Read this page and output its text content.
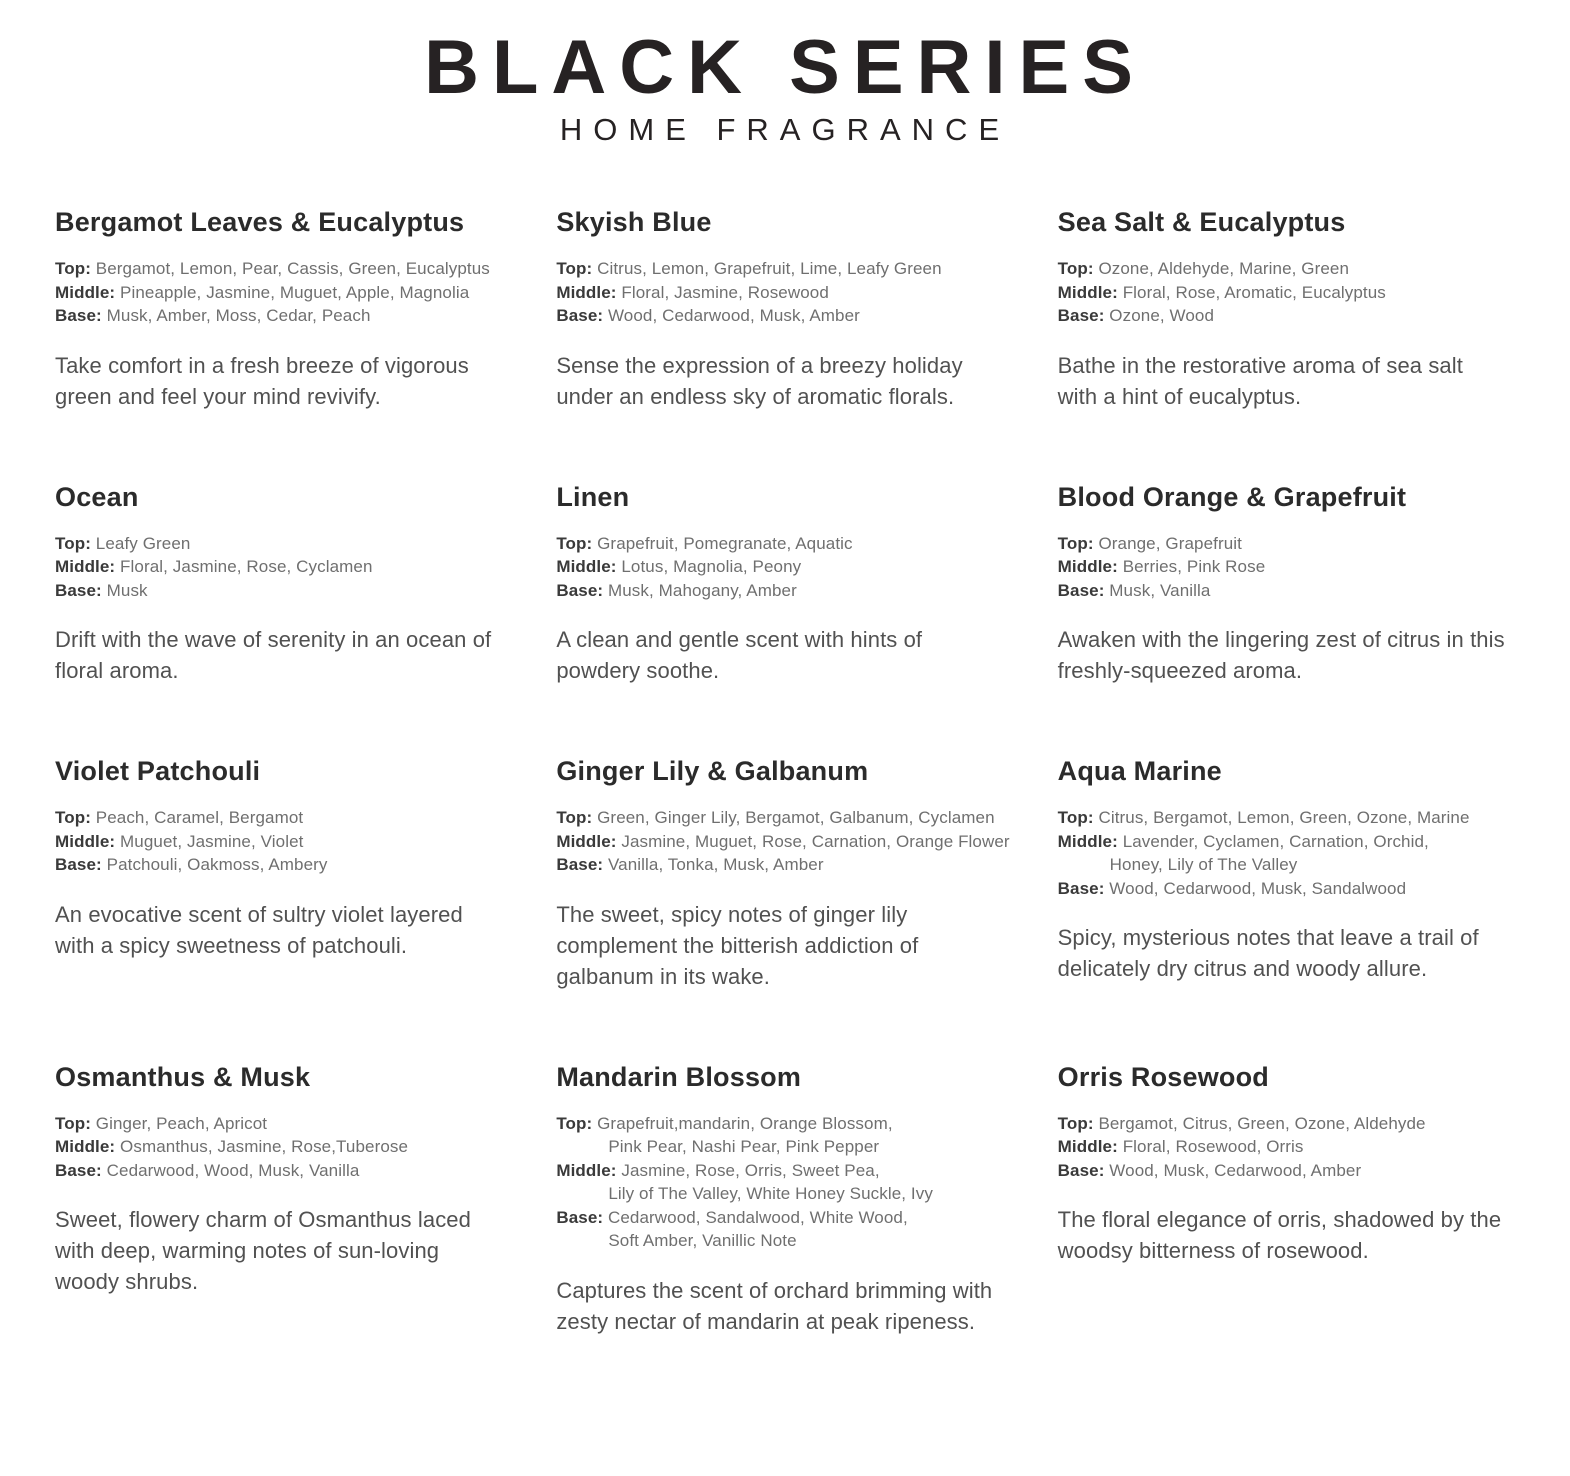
BLACK SERIES
HOME FRAGRANCE
Bergamot Leaves & Eucalyptus
Top: Bergamot, Lemon, Pear, Cassis, Green, Eucalyptus
Middle: Pineapple, Jasmine, Muguet, Apple, Magnolia
Base: Musk, Amber, Moss, Cedar, Peach

Take comfort in a fresh breeze of vigorous green and feel your mind revivify.

Skyish Blue
Top: Citrus, Lemon, Grapefruit, Lime, Leafy Green
Middle: Floral, Jasmine, Rosewood
Base: Wood, Cedarwood, Musk, Amber

Sense the expression of a breezy holiday under an endless sky of aromatic florals.

Sea Salt & Eucalyptus
Top: Ozone, Aldehyde, Marine, Green
Middle: Floral, Rose, Aromatic, Eucalyptus
Base: Ozone, Wood

Bathe in the restorative aroma of sea salt with a hint of eucalyptus.

Ocean
Top: Leafy Green
Middle: Floral, Jasmine, Rose, Cyclamen
Base: Musk

Drift with the wave of serenity in an ocean of floral aroma.

Linen
Top: Grapefruit, Pomegranate, Aquatic
Middle: Lotus, Magnolia, Peony
Base: Musk, Mahogany, Amber

A clean and gentle scent with hints of powdery soothe.

Blood Orange & Grapefruit
Top: Orange, Grapefruit
Middle: Berries, Pink Rose
Base: Musk, Vanilla

Awaken with the lingering zest of citrus in this freshly-squeezed aroma.

Violet Patchouli
Top: Peach, Caramel, Bergamot
Middle: Muguet, Jasmine, Violet
Base: Patchouli, Oakmoss, Ambery

An evocative scent of sultry violet layered with a spicy sweetness of patchouli.

Ginger Lily & Galbanum
Top: Green, Ginger Lily, Bergamot, Galbanum, Cyclamen
Middle: Jasmine, Muguet, Rose, Carnation, Orange Flower
Base: Vanilla, Tonka, Musk, Amber

The sweet, spicy notes of ginger lily complement the bitterish addiction of galbanum in its wake.

Aqua Marine
Top: Citrus, Bergamot, Lemon, Green, Ozone, Marine
Middle: Lavender, Cyclamen, Carnation, Orchid,
Honey, Lily of The Valley
Base: Wood, Cedarwood, Musk, Sandalwood

Spicy, mysterious notes that leave a trail of delicately dry citrus and woody allure.

Osmanthus & Musk
Top: Ginger, Peach, Apricot
Middle: Osmanthus, Jasmine, Rose,Tuberose
Base: Cedarwood, Wood, Musk, Vanilla

Sweet, flowery charm of Osmanthus laced with deep, warming notes of sun-loving woody shrubs.

Mandarin Blossom
Top: Grapefruit,mandarin, Orange Blossom,
Pink Pear, Nashi Pear, Pink Pepper
Middle: Jasmine, Rose, Orris, Sweet Pea,
Lily of The Valley, White Honey Suckle, Ivy
Base: Cedarwood, Sandalwood, White Wood,
Soft Amber, Vanillic Note

Captures the scent of orchard brimming with zesty nectar of mandarin at peak ripeness.

Orris Rosewood
Top: Bergamot, Citrus, Green, Ozone, Aldehyde
Middle: Floral, Rosewood, Orris
Base: Wood, Musk, Cedarwood, Amber

The floral elegance of orris, shadowed by the woodsy bitterness of rosewood.
